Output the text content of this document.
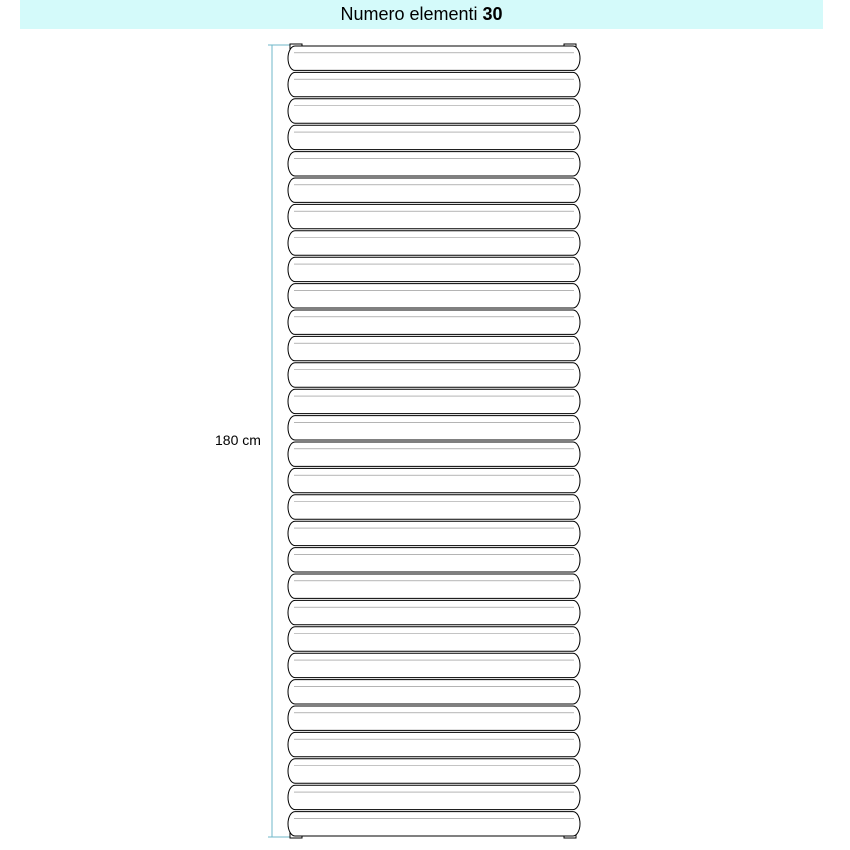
Numero elementi 30
180 cm
